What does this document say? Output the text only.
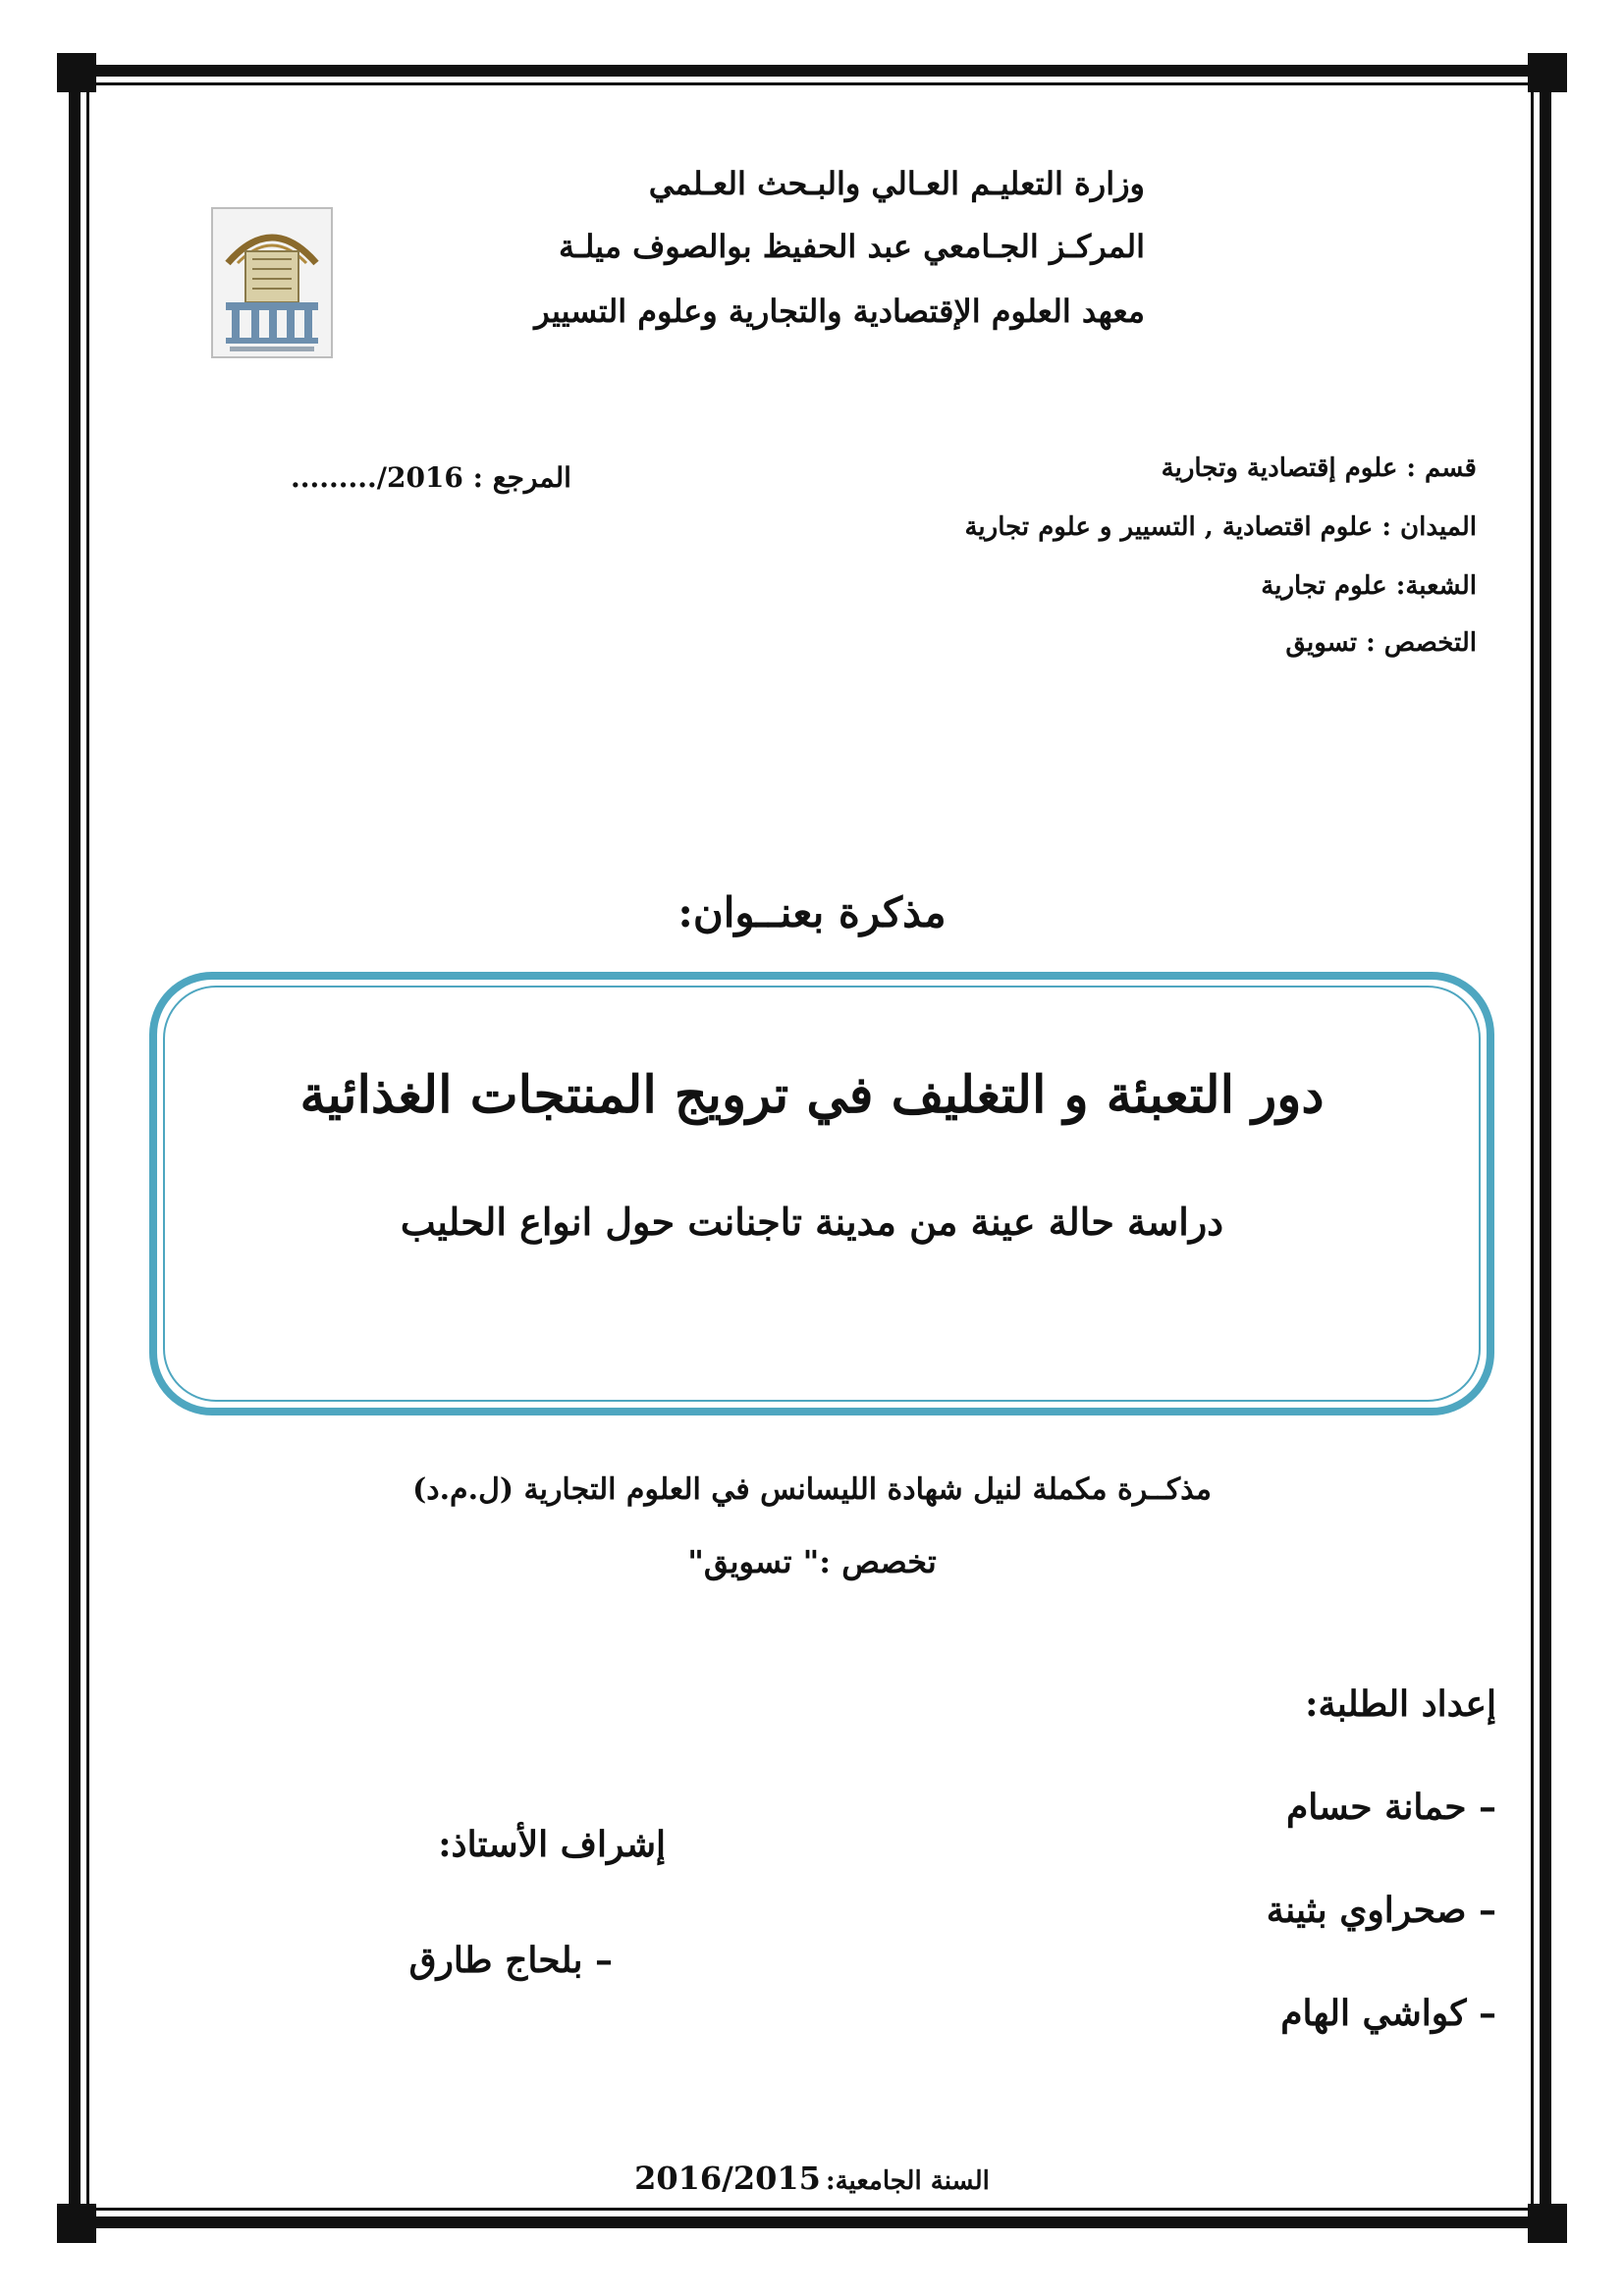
وزارة التعليـم العـالي والبـحث العـلمي
المركـز الجـامعي عبد الحفيظ بوالصوف ميلـة
معهد العلوم الإقتصادية والتجارية وعلوم التسيير
قسم : علوم إقتصادية وتجارية
الميدان : علوم اقتصادية , التسيير و علوم تجارية
الشعبة: علوم تجارية
التخصص : تسويق
المرجع : ........./2016
مذكرة بعنــوان:
دور التعبئة و التغليف في ترويج المنتجات الغذائية
دراسة حالة عينة من مدينة تاجنانت حول انواع الحليب
مذكــرة مكملة لنيل شهادة الليسانس في العلوم التجارية (ل.م.د)
تخصص :" تسويق"
إعداد الطلبة:
– حمانة حسام
– صحراوي بثينة
– كواشي الهام
إشراف الأستاذ:
– بلحاج طارق
السنة الجامعية: 2016/2015
